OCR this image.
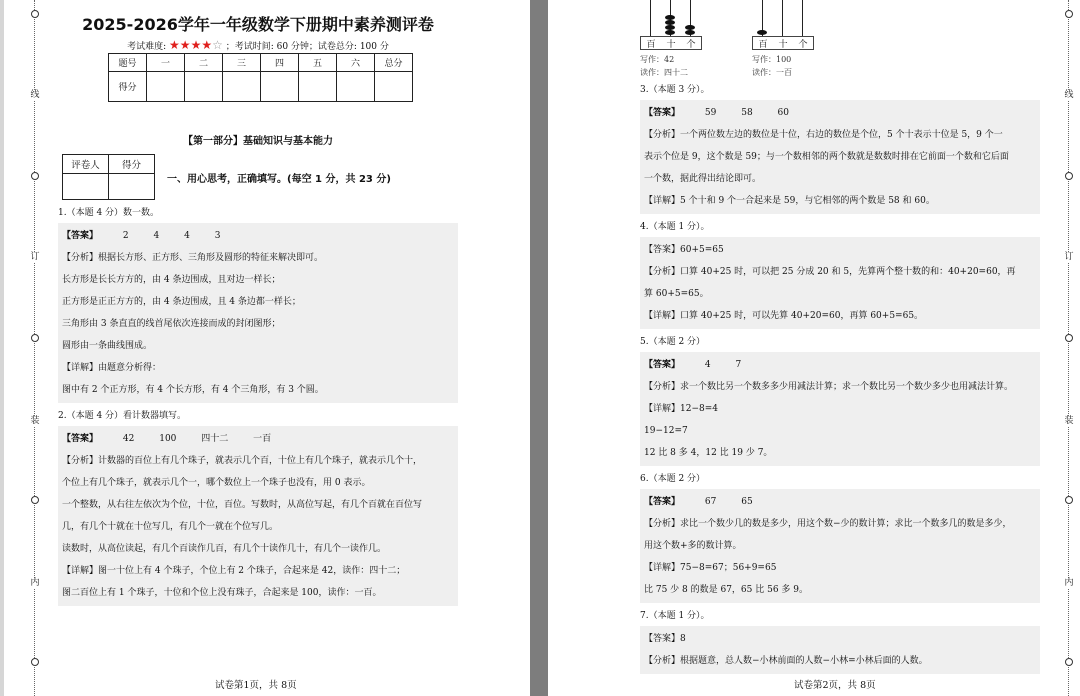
线
订
装
内
2025-2026学年一年级数学下册期中素养测评卷
考试难度: ★★★★☆ ；考试时间: 60 分钟；试卷总分: 100 分
题号	一	二	三	四	五	六	总分
得分							
【第一部分】基础知识与基本能力
评卷人	得分

一、用心思考，正确填写。(每空 1 分，共 23 分)
1.（本题 4 分）数一数。
【答案】	2	4	4	3
【分析】根据长方形、正方形、三角形及圆形的特征来解决即可。
长方形是长长方方的，由 4 条边围成，且对边一样长；
正方形是正正方方的，由 4 条边围成，且 4 条边都一样长；
三角形由 3 条直直的线首尾依次连接而成的封闭图形；
圆形由一条曲线围成。
【详解】由题意分析得：
图中有 2 个正方形，有 4 个长方形，有 4 个三角形，有 3 个圆。
2.（本题 4 分）看计数器填写。
【答案】	42	100	四十二	一百
【分析】计数器的百位上有几个珠子，就表示几个百，十位上有几个珠子，就表示几个十，
个位上有几个珠子，就表示几个一，哪个数位上一个珠子也没有，用 0 表示。
一个整数，从右往左依次为个位，十位，百位。写数时，从高位写起，有几个百就在百位写
几，有几个十就在十位写几，有几个一就在个位写几。
读数时，从高位读起，有几个百读作几百，有几个十读作几十，有几个一读作几。
【详解】图一十位上有 4 个珠子，个位上有 2 个珠子，合起来是 42，读作：四十二；
图二百位上有 1 个珠子，十位和个位上没有珠子，合起来是 100，读作：一百。
试卷第1页，共 8页
百 十 个
写作：42
读作：四十二
百 十 个
写作：100
读作：一百
3.（本题 3 分）。
【答案】	59	58	60
【分析】一个两位数左边的数位是十位，右边的数位是个位，5 个十表示十位是 5，9 个一
表示个位是 9，这个数是 59；与一个数相邻的两个数就是数数时排在它前面一个数和它后面
一个数，据此得出结论即可。
【详解】5 个十和 9 个一合起来是 59，与它相邻的两个数是 58 和 60。
4.（本题 1 分）。
【答案】60+5=65
【分析】口算 40+25 时，可以把 25 分成 20 和 5，先算两个整十数的和：40+20=60，再
算 60+5=65。
【详解】口算 40+25 时，可以先算 40+20=60，再算 60+5=65。
5.（本题 2 分）
【答案】	4	7
【分析】求一个数比另一个数多多少用减法计算；求一个数比另一个数少多少也用减法计算。
【详解】12−8=4
19−12=7
12 比 8 多 4，12 比 19 少 7。
6.（本题 2 分）
【答案】	67	65
【分析】求比一个数少几的数是多少，用这个数−少的数计算；求比一个数多几的数是多少，
用这个数+多的数计算。
【详解】75−8=67；56+9=65
比 75 少 8 的数是 67，65 比 56 多 9。
7.（本题 1 分）。
【答案】8
【分析】根据题意，总人数−小林前面的人数−小林=小林后面的人数。
线
订
装
内
试卷第2页，共 8页
